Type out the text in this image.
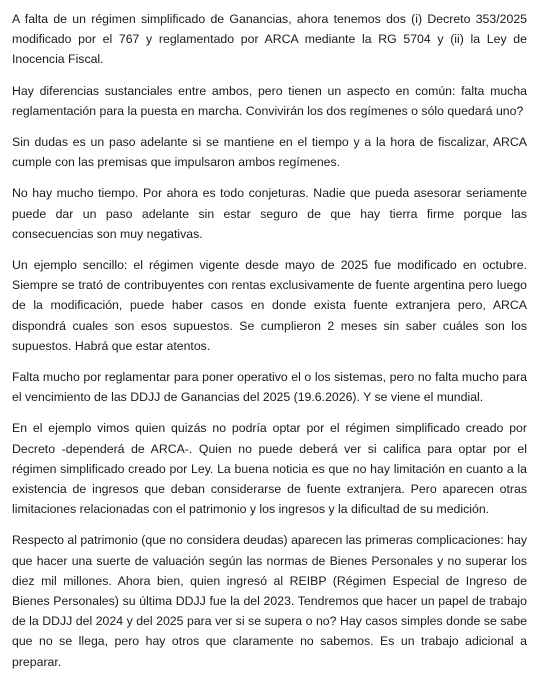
A falta de un régimen simplificado de Ganancias, ahora tenemos dos (i) Decreto 353/2025 modificado por el 767 y reglamentado por ARCA mediante la RG 5704 y (ii) la Ley de Inocencia Fiscal.

Hay diferencias sustanciales entre ambos, pero tienen un aspecto en común: falta mucha reglamentación para la puesta en marcha. Convivirán los dos regímenes o sólo quedará uno?

Sin dudas es un paso adelante si se mantiene en el tiempo y a la hora de fiscalizar, ARCA cumple con las premisas que impulsaron ambos regímenes.

No hay mucho tiempo. Por ahora es todo conjeturas. Nadie que pueda asesorar seriamente puede dar un paso adelante sin estar seguro de que hay tierra firme porque las consecuencias son muy negativas.

Un ejemplo sencillo: el régimen vigente desde mayo de 2025 fue modificado en octubre. Siempre se trató de contribuyentes con rentas exclusivamente de fuente argentina pero luego de la modificación, puede haber casos en donde exista fuente extranjera pero, ARCA dispondrá cuales son esos supuestos. Se cumplieron 2 meses sin saber cuáles son los supuestos. Habrá que estar atentos.

Falta mucho por reglamentar para poner operativo el o los sistemas, pero no falta mucho para el vencimiento de las DDJJ de Ganancias del 2025 (19.6.2026). Y se viene el mundial.

En el ejemplo vimos quien quizás no podría optar por el régimen simplificado creado por Decreto -dependerá de ARCA-. Quien no puede deberá ver si califica para optar por el régimen simplificado creado por Ley. La buena noticia es que no hay limitación en cuanto a la existencia de ingresos que deban considerarse de fuente extranjera. Pero aparecen otras limitaciones relacionadas con el patrimonio y los ingresos y la dificultad de su medición.

Respecto al patrimonio (que no considera deudas) aparecen las primeras complicaciones: hay que hacer una suerte de valuación según las normas de Bienes Personales y no superar los diez mil millones. Ahora bien, quien ingresó al REIBP (Régimen Especial de Ingreso de Bienes Personales) su última DDJJ fue la del 2023. Tendremos que hacer un papel de trabajo de la DDJJ del 2024 y del 2025 para ver si se supera o no? Hay casos simples donde se sabe que no se llega, pero hay otros que claramente no sabemos. Es un trabajo adicional a preparar.
